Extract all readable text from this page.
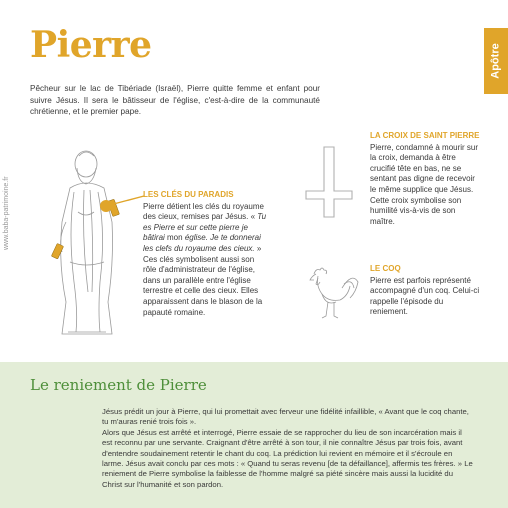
Pierre	Apôtre
www.baba-patrimoine.fr
Pêcheur sur le lac de Tibériade (Israël), Pierre quitte femme et enfant pour suivre Jésus. Il sera le bâtisseur de l'église, c'est-à-dire de la communauté chrétienne, et le premier pape.
LES CLÉS DU PARADIS
Pierre détient les clés du royaume des cieux, remises par Jésus. « Tu es Pierre et sur cette pierre je bâtirai mon église. Je te donnerai les clefs du royaume des cieux. »
Ces clés symbolisent aussi son rôle d'administrateur de l'église, dans un parallèle entre l'église terrestre et celle des cieux. Elles apparaissent dans le blason de la papauté romaine.
LA CROIX DE SAINT PIERRE
Pierre, condamné à mourir sur la croix, demanda à être crucifié tête en bas, ne se sentant pas digne de recevoir le même supplice que Jésus. Cette croix symbolise son humilité vis-à-vis de son maître.
LE COQ
Pierre est parfois représenté accompagné d'un coq. Celui-ci rappelle l'épisode du reniement.
Le reniement de Pierre

Jésus prédit un jour à Pierre, qui lui promettait avec ferveur une fidélité infaillible, « Avant que le coq chante, tu m'auras renié trois fois ».

Alors que Jésus est arrêté et interrogé, Pierre essaie de se rapprocher du lieu de son incarcération mais il est reconnu par une servante. Craignant d'être arrêté à son tour, il nie connaître Jésus par trois fois, avant d'entendre soudainement retentir le chant du coq. La prédiction lui revient en mémoire et il s'écroule en larme. Jésus avait conclu par ces mots : « Quand tu seras revenu [de ta défaillance], affermis tes frères. » Le reniement de Pierre symbolise la faiblesse de l'homme malgré sa piété sincère mais aussi la lucidité du Christ sur l'humanité et son pardon.
